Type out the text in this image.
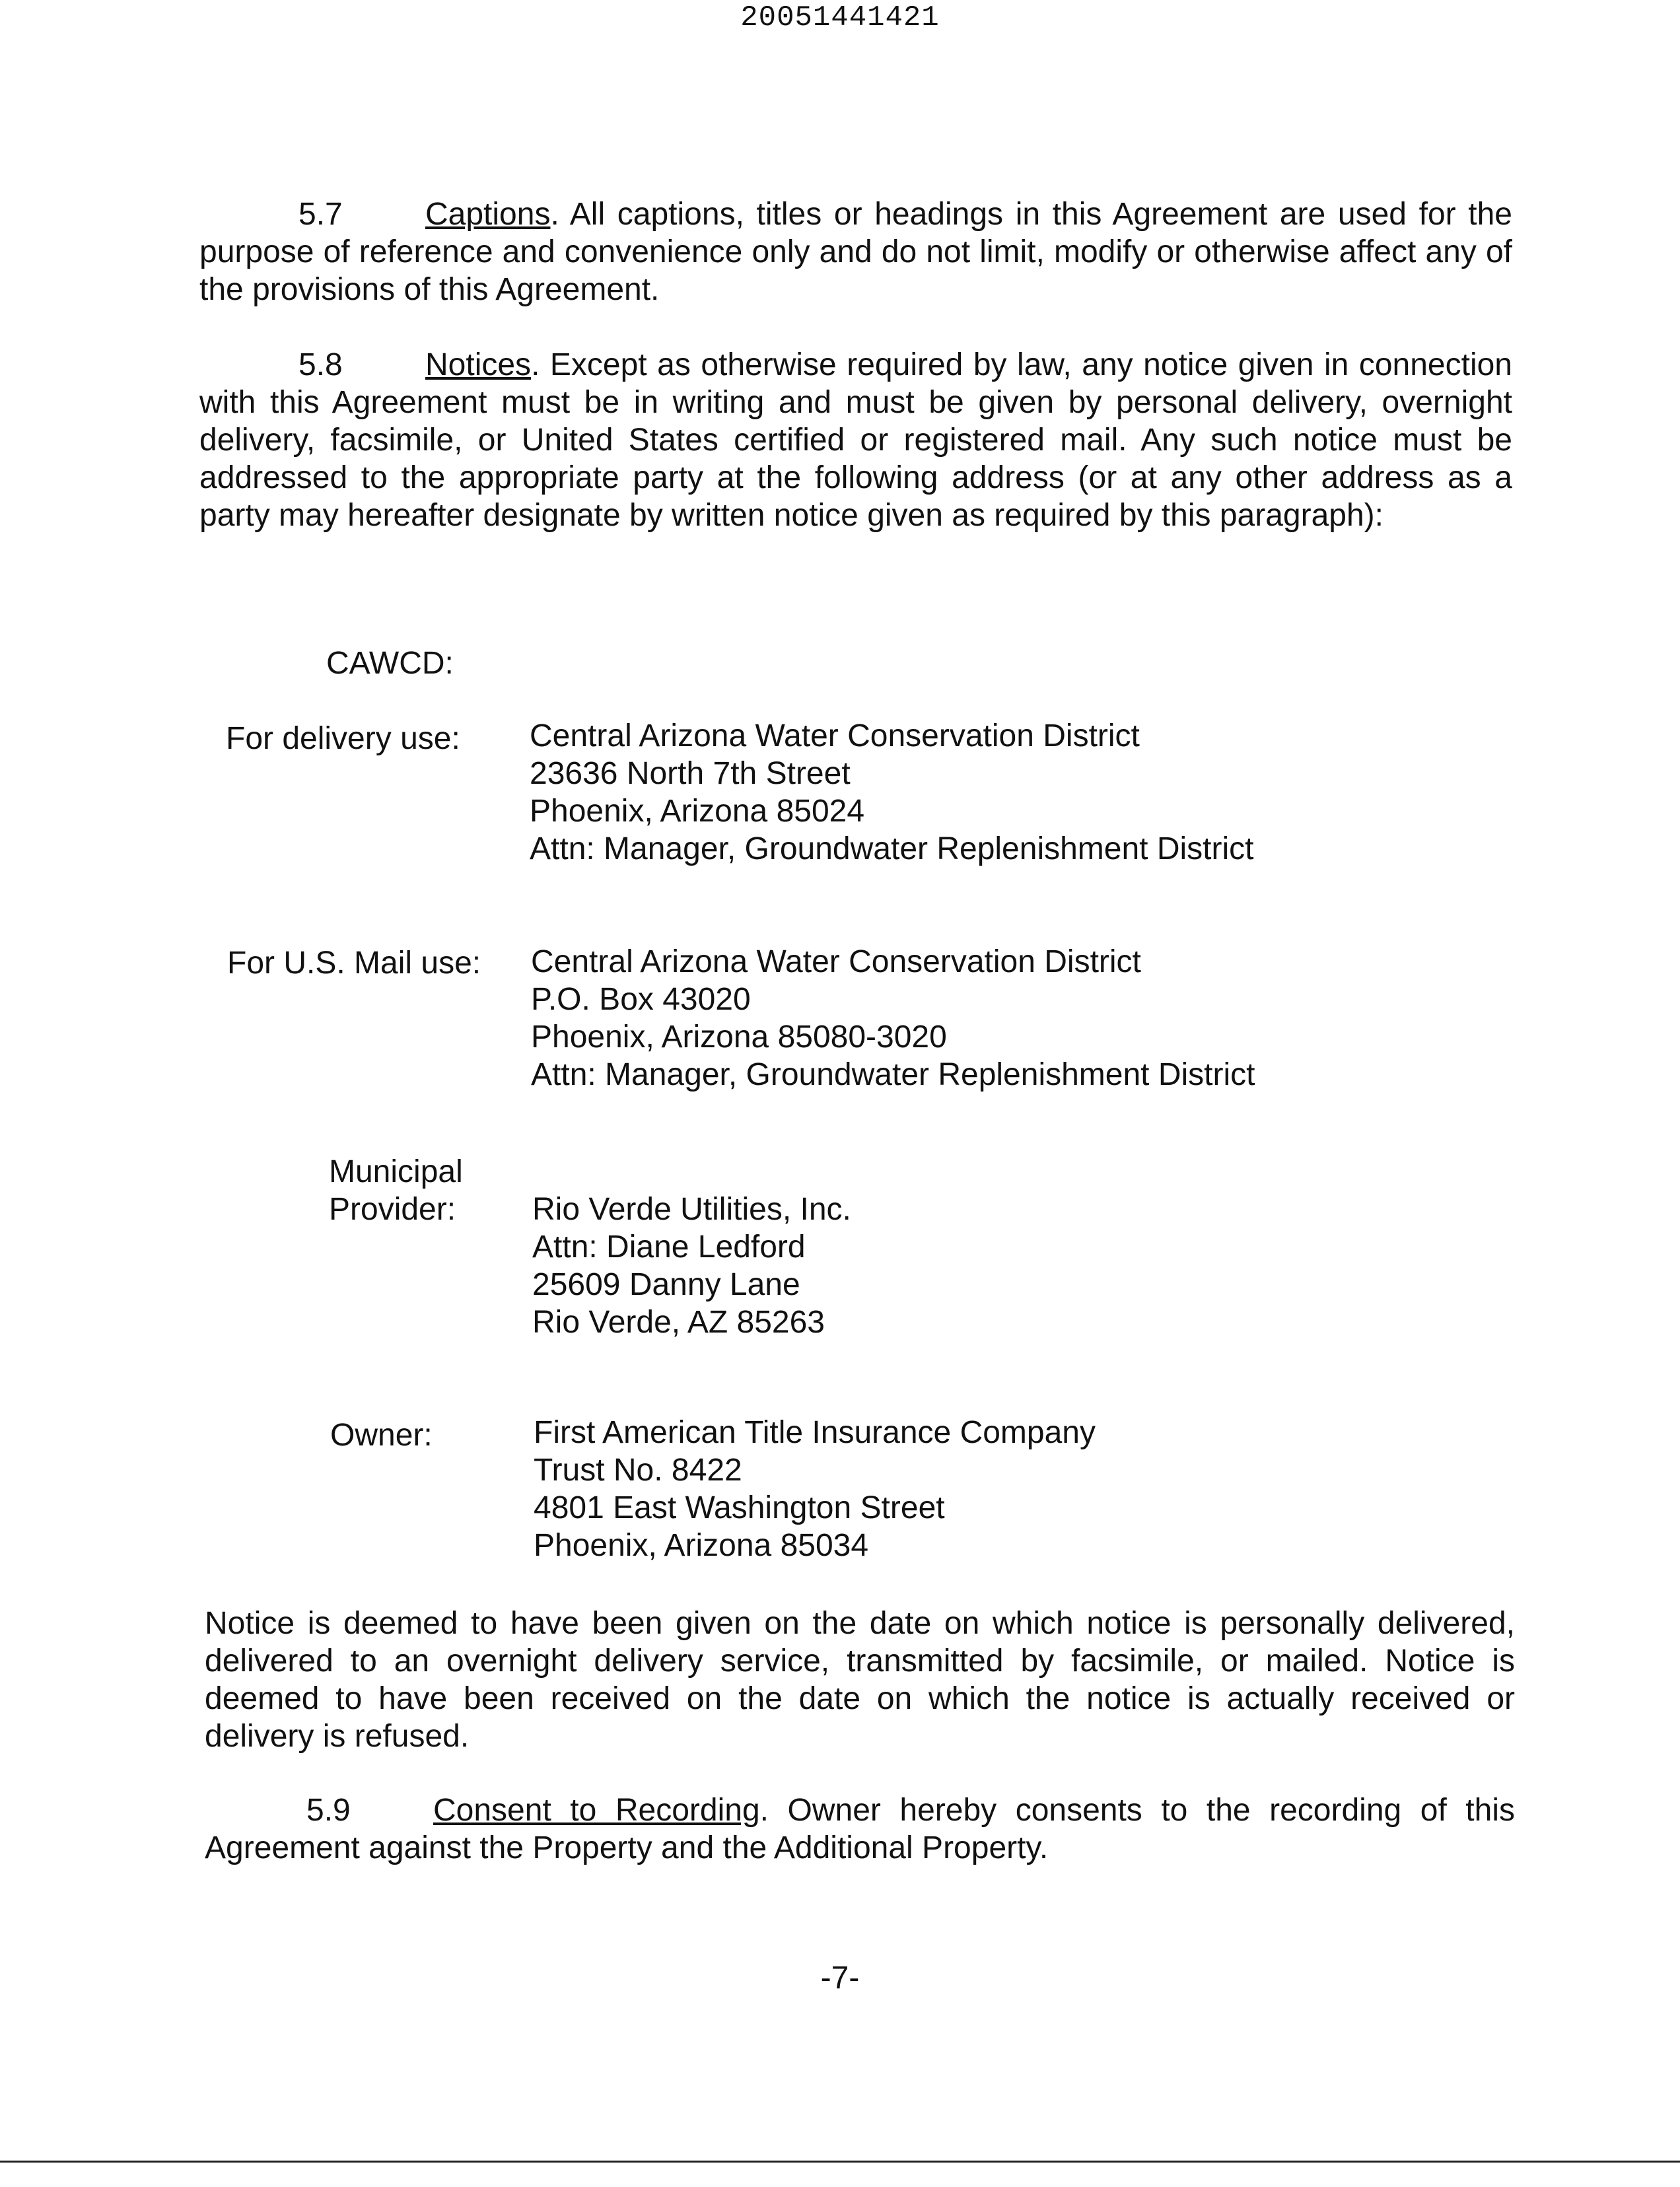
20051441421

5.7	Captions. All captions, titles or headings in this Agreement are used for the purpose of reference and convenience only and do not limit, modify or otherwise affect any of the provisions of this Agreement.

5.8	Notices. Except as otherwise required by law, any notice given in connection with this Agreement must be in writing and must be given by personal delivery, overnight delivery, facsimile, or United States certified or registered mail. Any such notice must be addressed to the appropriate party at the following address (or at any other address as a party may hereafter designate by written notice given as required by this paragraph):

CAWCD:
For delivery use: Central Arizona Water Conservation District
23636 North 7th Street
Phoenix, Arizona 85024
Attn: Manager, Groundwater Replenishment District
For U.S. Mail use: Central Arizona Water Conservation District
P.O. Box 43020
Phoenix, Arizona 85080-3020
Attn: Manager, Groundwater Replenishment District
Municipal
Provider: Rio Verde Utilities, Inc.
Attn: Diane Ledford
25609 Danny Lane
Rio Verde, AZ 85263
Owner:	First American Title Insurance Company
Trust No. 8422
4801 East Washington Street
Phoenix, Arizona 85034

Notice is deemed to have been given on the date on which notice is personally delivered, delivered to an overnight delivery service, transmitted by facsimile, or mailed. Notice is deemed to have been received on the date on which the notice is actually received or delivery is refused.

5.9	Consent to Recording. Owner hereby consents to the recording of this Agreement against the Property and the Additional Property.

-7-
